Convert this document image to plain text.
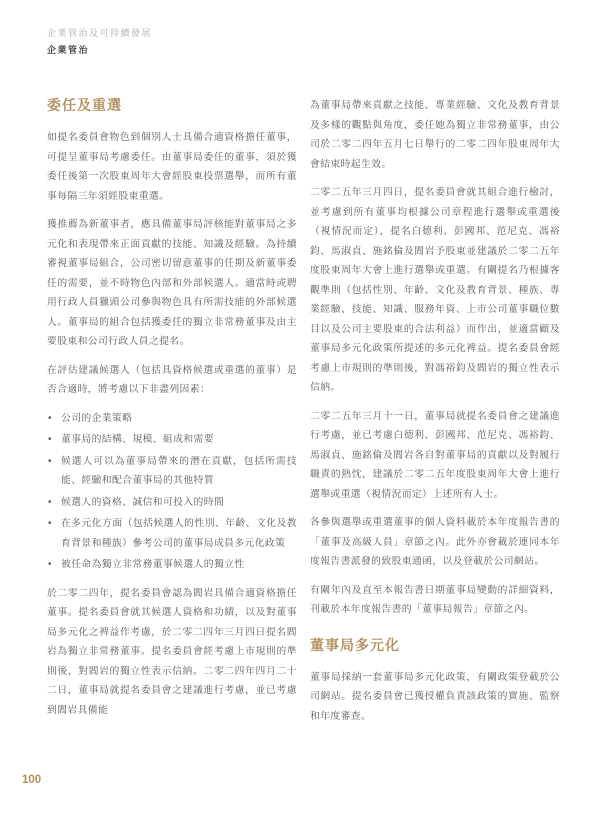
企業管治及可持續發展
企業管治
委任及重選

如提名委員會物色到個別人士具備合適資格擔任董事，可提呈董事局考慮委任。由董事局委任的董事，須於獲委任後第一次股東周年大會經股東投票選舉，而所有董事每隔三年須經股東重選。

獲推薦為新董事者，應具備董事局評核能對董事局之多元化和表現帶來正面貢獻的技能、知識及經驗。為持續審視董事局組合，公司密切留意董事的任期及新董事委任的需要，並不時物色內部和外部候選人。適當時或聘用行政人員獵頭公司參與物色具有所需技能的外部候選人。董事局的組合包括獲委任的獨立非常務董事及由主要股東和公司行政人員之提名。

在評估建議候選人（包括具資格候選或重選的董事）是否合適時，將考慮以下非盡列因素：

• 公司的企業策略
• 董事局的結構、規模、組成和需要
• 候選人可以為董事局帶來的潛在貢獻，包括所需技能、經驗和配合董事局的其他特質
• 候選人的資格、誠信和可投入的時間
• 在多元化方面（包括候選人的性別、年齡、文化及教育背景和種族）參考公司的董事局成員多元化政策
• 被任命為獨立非常務董事候選人的獨立性

於二零二四年，提名委員會認為閻岩具備合適資格擔任董事。提名委員會就其候選人資格和功績，以及對董事局多元化之裨益作考慮，於二零二四年三月四日提名閻岩為獨立非常務董事。提名委員會經考慮上市規則的準則後，對閻岩的獨立性表示信納。二零二四年四月二十二日，董事局就提名委員會之建議進行考慮，並已考慮到閻岩具備能

為董事局帶來貢獻之技能、專業經驗、文化及教育背景及多樣的觀點與角度，委任她為獨立非常務董事，由公司於二零二四年五月七日舉行的二零二四年股東周年大會結束時起生效。

二零二五年三月四日，提名委員會就其組合進行檢討，並考慮到所有董事均根據公司章程進行選舉或重選後（視情況而定），提名白德利、彭國邦、范尼克、馮裕鈞、馬淑貞、施銘倫及閻岩予股東並建議於二零二五年度股東周年大會上進行選舉或重選。有關提名乃根據客觀準則（包括性別、年齡、文化及教育背景、種族、專業經驗、技能、知識、服務年資、上市公司董事職位數目以及公司主要股東的合法利益）而作出，並適當顧及董事局多元化政策所提述的多元化裨益。提名委員會經考慮上市規則的準則後，對馮裕鈞及閻岩的獨立性表示信納。

二零二五年三月十一日，董事局就提名委員會之建議進行考慮，並已考慮白德利、彭國邦、范尼克、馮裕鈞、馬淑貞、施銘倫及閻岩各自對董事局的貢獻以及對履行職責的熱忱，建議於二零二五年度股東周年大會上進行選舉或重選（視情況而定）上述所有人士。

各參與選舉或重選董事的個人資料載於本年度報告書的「董事及高級人員」章節之內。此外亦會載於連同本年度報告書派發的致股東通函，以及登載於公司網站。

有關年內及直至本報告書日期董事局變動的詳細資料，刊載於本年度報告書的「董事局報告」章節之內。

董事局多元化

董事局採納一套董事局多元化政策，有關政策登載於公司網站。提名委員會已獲授權負責該政策的實施、監察和年度審查。

100
